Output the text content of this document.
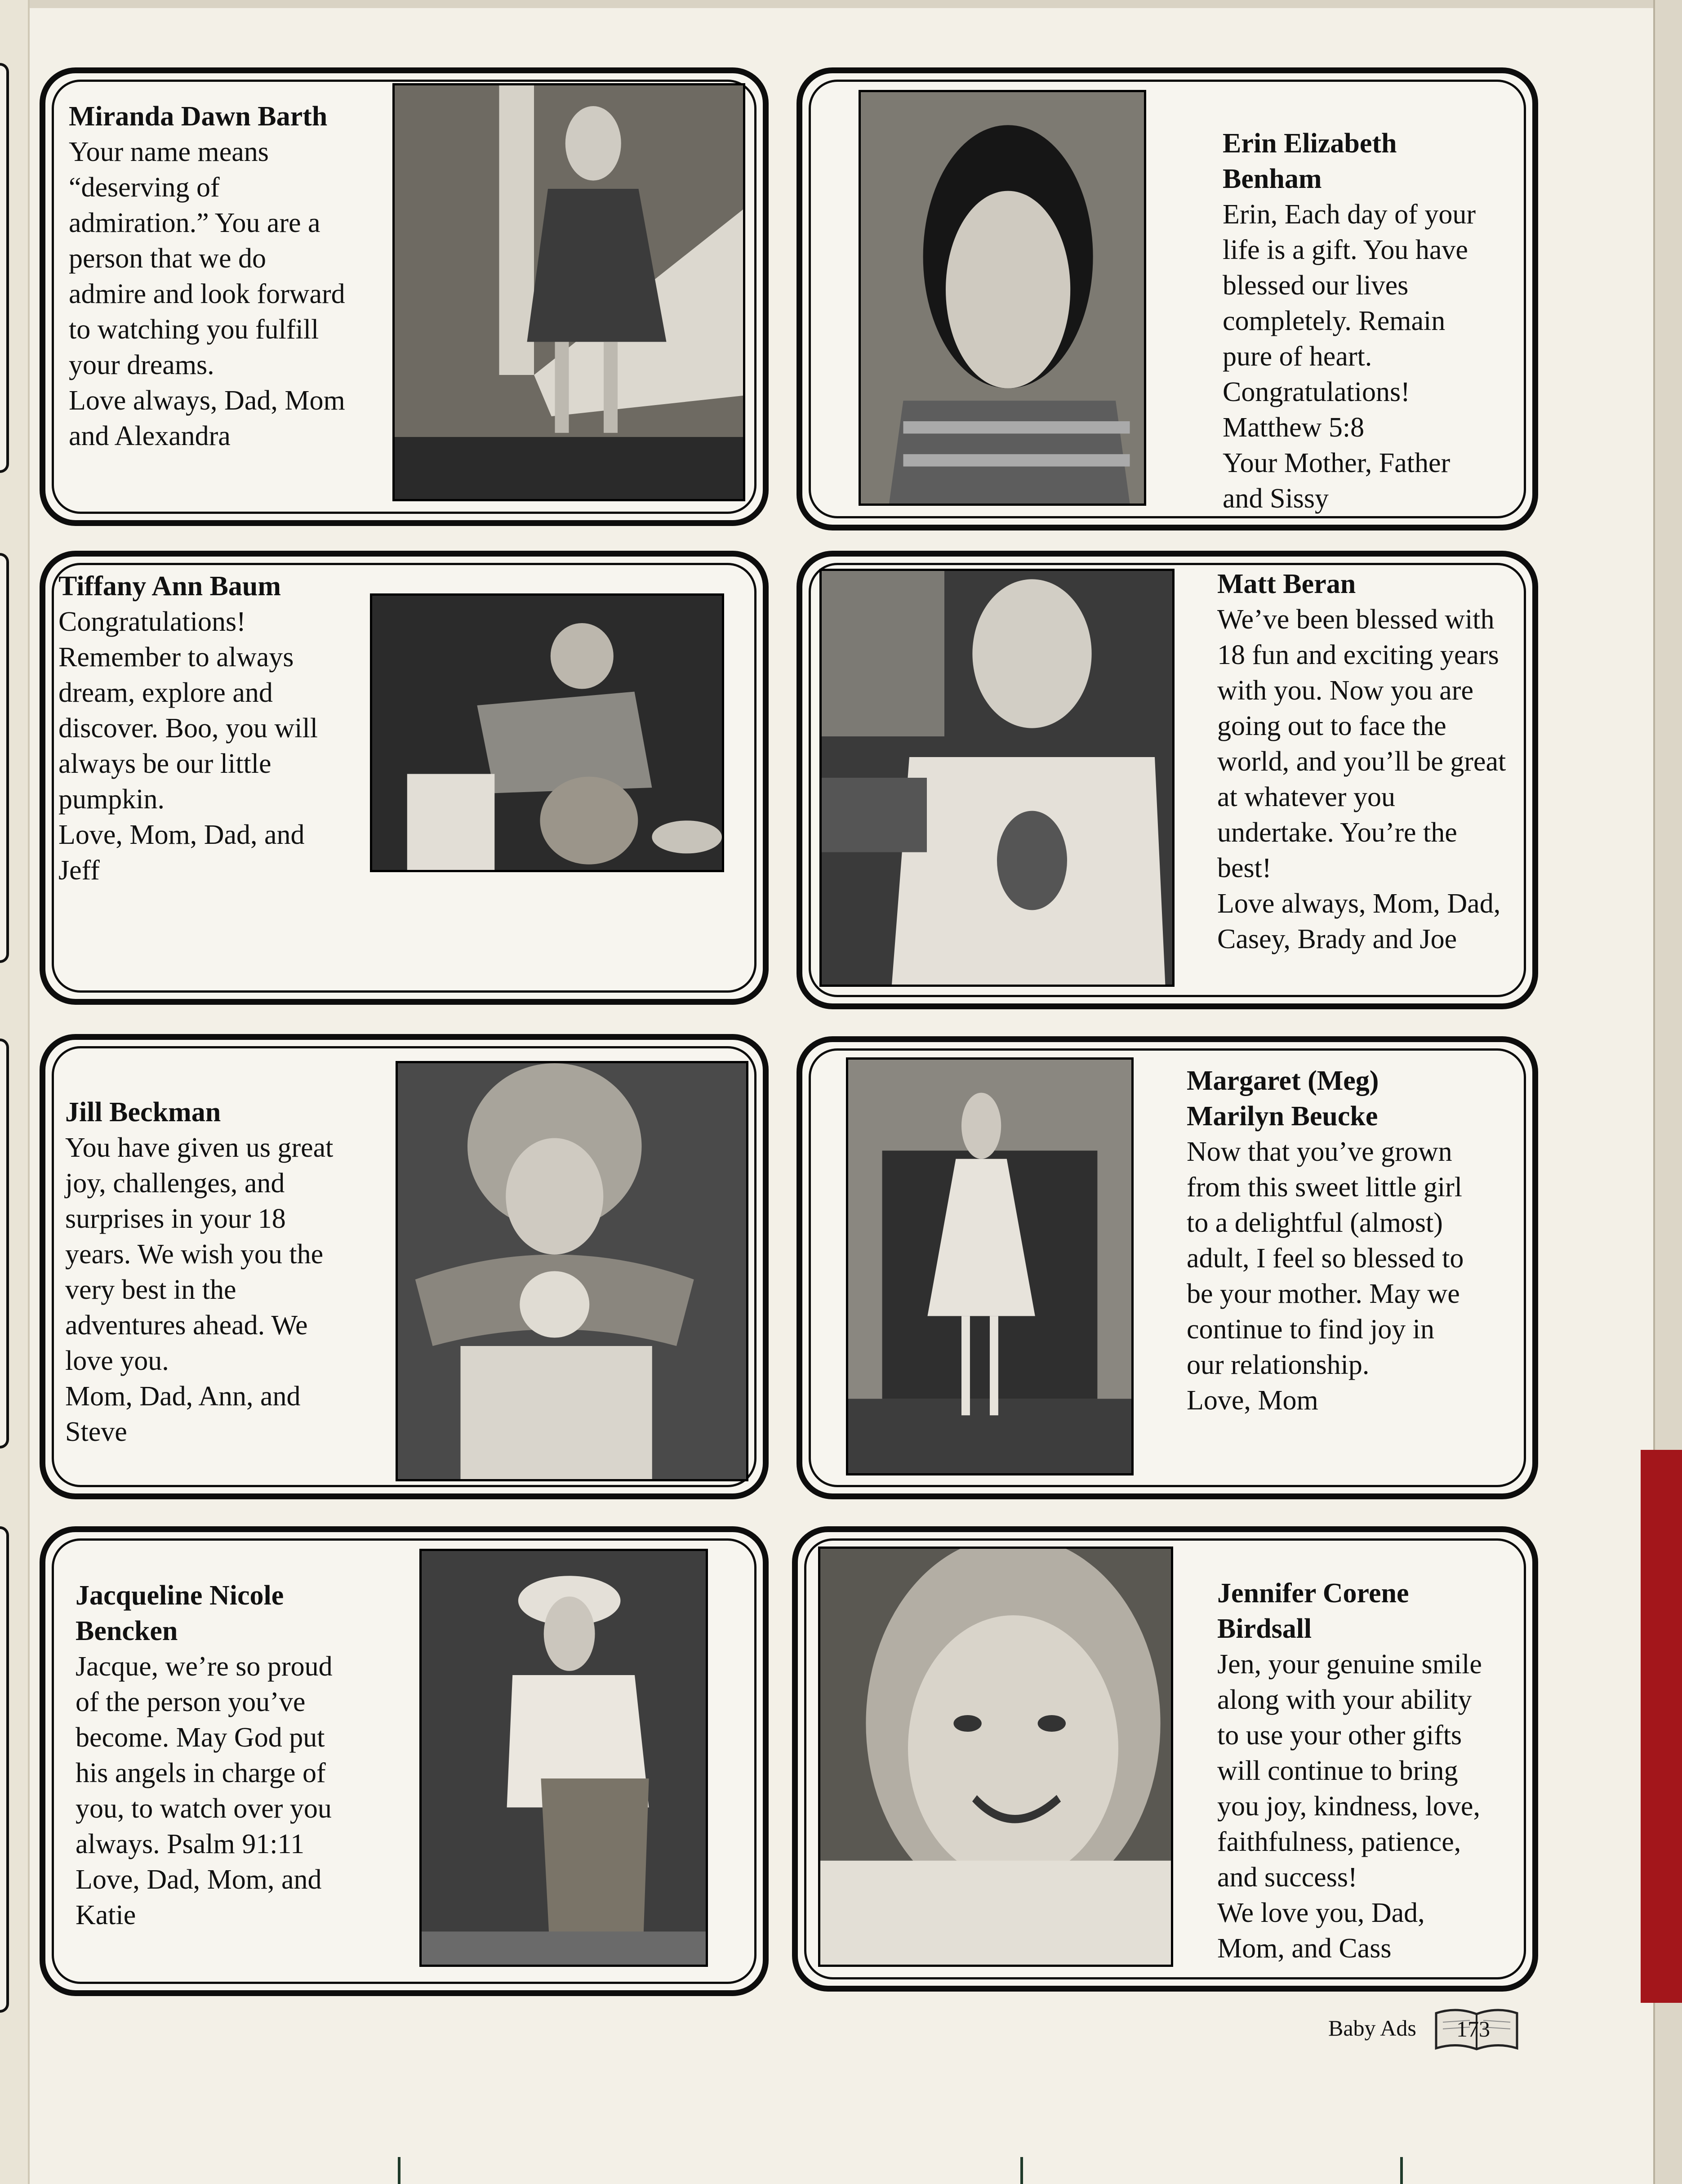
Miranda Dawn Barth
Your name means
“deserving of
admiration.” You are a
person that we do
admire and look forward
to watching you fulfill
your dreams.
Love always, Dad, Mom
and Alexandra
Erin Elizabeth
Benham
Erin, Each day of your
life is a gift. You have
blessed our lives
completely. Remain
pure of heart.
Congratulations!
Matthew 5:8
Your Mother, Father
and Sissy
Tiffany Ann Baum
Congratulations!
Remember to always
dream, explore and
discover. Boo, you will
always be our little
pumpkin.
Love, Mom, Dad, and
Jeff
Matt Beran
We’ve been blessed with
18 fun and exciting years
with you. Now you are
going out to face the
world, and you’ll be great
at whatever you
undertake. You’re the
best!
Love always, Mom, Dad,
Casey, Brady and Joe
Jill Beckman
You have given us great
joy, challenges, and
surprises in your 18
years. We wish you the
very best in the
adventures ahead. We
love you.
Mom, Dad, Ann, and
Steve
Margaret (Meg)
Marilyn Beucke
Now that you’ve grown
from this sweet little girl
to a delightful (almost)
adult, I feel so blessed to
be your mother. May we
continue to find joy in
our relationship.
Love, Mom
Jacqueline Nicole
Bencken
Jacque, we’re so proud
of the person you’ve
become. May God put
his angels in charge of
you, to watch over you
always. Psalm 91:11
Love, Dad, Mom, and
Katie
Jennifer Corene
Birdsall
Jen, your genuine smile
along with your ability
to use your other gifts
will continue to bring
you joy, kindness, love,
faithfulness, patience,
and success!
We love you, Dad,
Mom, and Cass
Baby Ads 173
